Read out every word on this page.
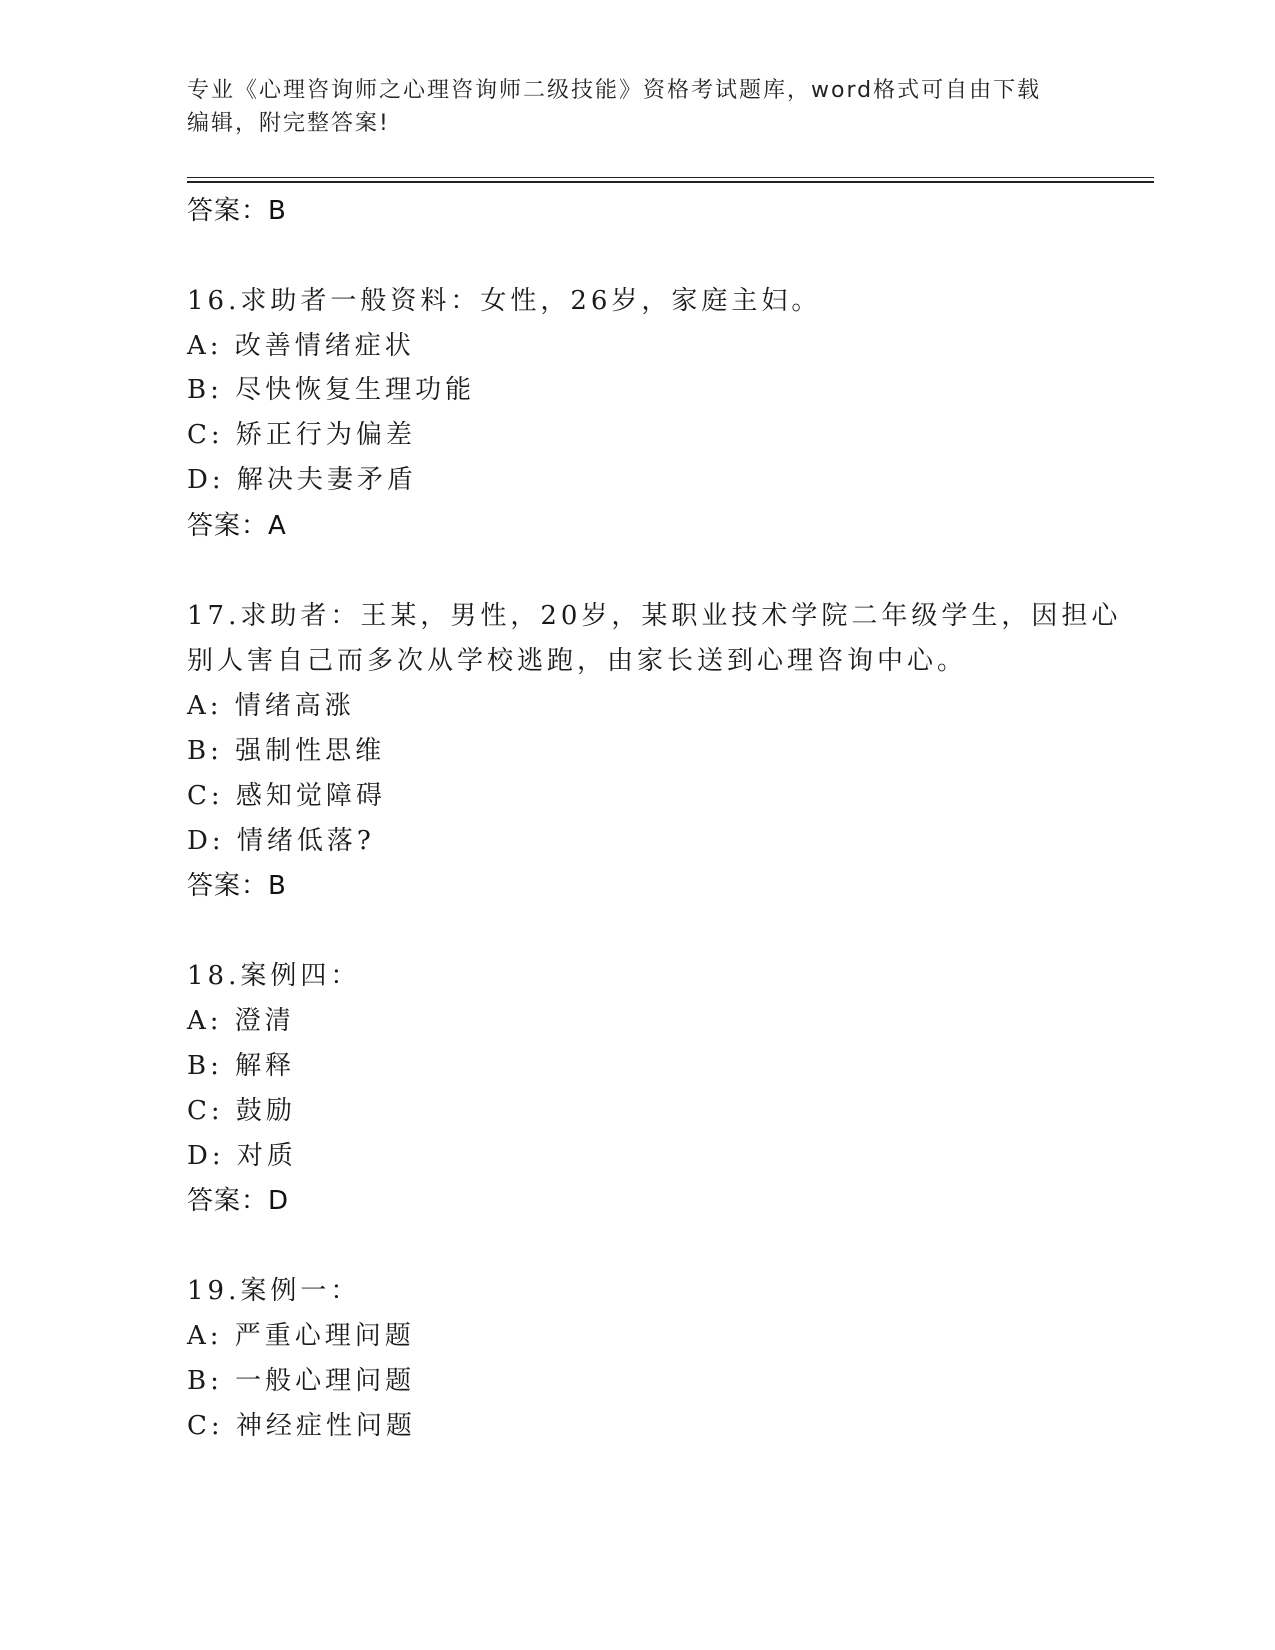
专业《心理咨询师之心理咨询师二级技能》资格考试题库，word格式可自由下载
编辑，附完整答案!
答案：B
16.求助者一般资料：女性，26岁，家庭主妇。
A: 改善情绪症状
B: 尽快恢复生理功能
C: 矫正行为偏差
D: 解决夫妻矛盾
答案：A
17.求助者：王某，男性，20岁，某职业技术学院二年级学生，因担心
别人害自己而多次从学校逃跑，由家长送到心理咨询中心。
A: 情绪高涨
B: 强制性思维
C: 感知觉障碍
D: 情绪低落?
答案：B
18.案例四：
A: 澄清
B: 解释
C: 鼓励
D: 对质
答案：D
19.案例一：
A: 严重心理问题
B: 一般心理问题
C: 神经症性问题
